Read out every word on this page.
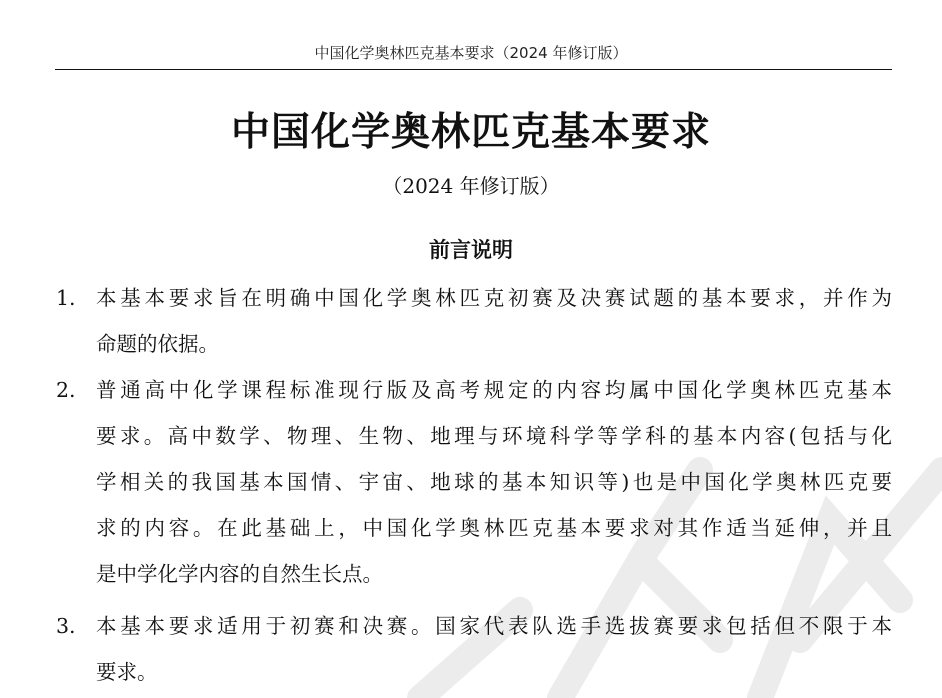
中国化学奥林匹克基本要求（2024 年修订版）
中国化学奥林匹克基本要求
（2024 年修订版）
前言说明
1. 本基本要求旨在明确中国化学奥林匹克初赛及决赛试题的基本要求，并作为
命题的依据。
2. 普通高中化学课程标准现行版及高考规定的内容均属中国化学奥林匹克基本
要求。高中数学、物理、生物、地理与环境科学等学科的基本内容(包括与化
学相关的我国基本国情、宇宙、地球的基本知识等)也是中国化学奥林匹克要
求的内容。在此基础上，中国化学奥林匹克基本要求对其作适当延伸，并且
是中学化学内容的自然生长点。
3. 本基本要求适用于初赛和决赛。国家代表队选手选拔赛要求包括但不限于本
要求。
